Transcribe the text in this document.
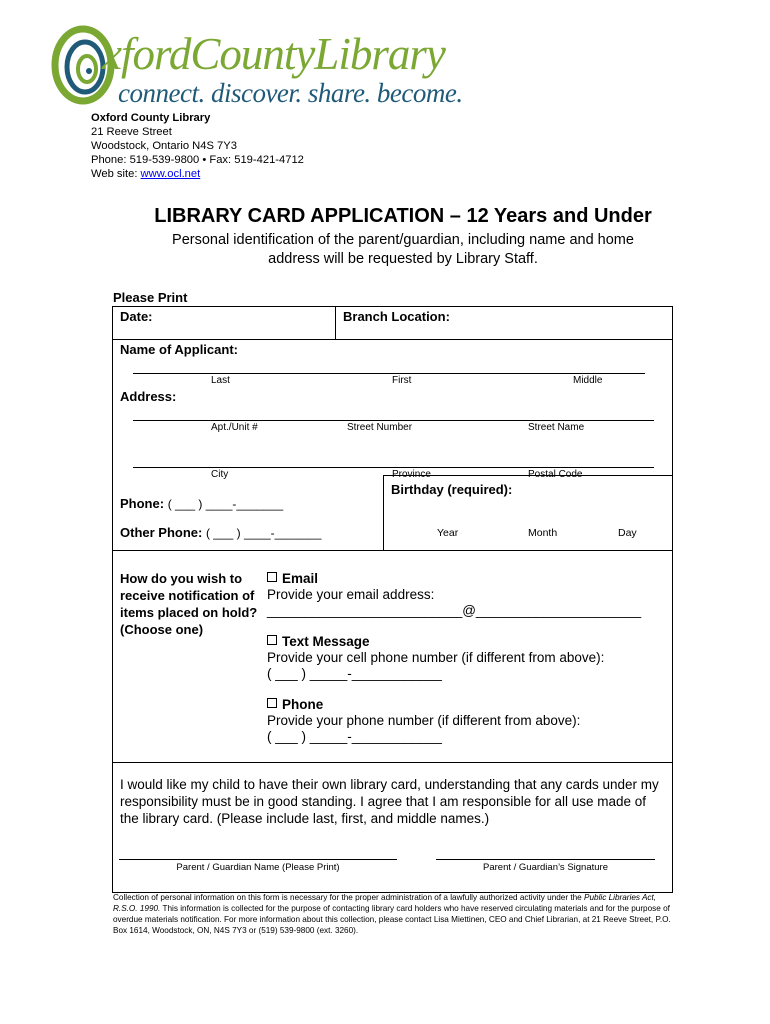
xfordCountyLibrary
connect. discover. share. become.
Oxford County Library
21 Reeve Street
Woodstock, Ontario N4S 7Y3
Phone: 519-539-9800 • Fax: 519-421-4712
Web site: www.ocl.net
LIBRARY CARD APPLICATION – 12 Years and Under
Personal identification of the parent/guardian, including name and home
address will be requested by Library Staff.
Please Print
Date:	Branch Location:
Name of Applicant:
Last	First	Middle
Address:
Apt./Unit #	Street Number	Street Name
City	Province	Postal Code
Phone: ( ___ ) ____-_______
Other Phone: ( ___ ) ____-_______
Birthday (required):
Year	Month	Day
How do you wish to receive notification of items placed on hold? (Choose one)
Email
Provide your email address:
__________________________@______________________
Text Message
Provide your cell phone number (if different from above):
( ___ ) _____-____________
Phone
Provide your phone number (if different from above):
( ___ ) _____-____________
I would like my child to have their own library card, understanding that any cards under my responsibility must be in good standing. I agree that I am responsible for all use made of the library card. (Please include last, first, and middle names.)
Parent / Guardian Name (Please Print)	Parent / Guardian’s Signature
Collection of personal information on this form is necessary for the proper administration of a lawfully authorized activity under the Public Libraries Act, R.S.O. 1990. This information is collected for the purpose of contacting library card holders who have reserved circulating materials and for the purpose of overdue materials notification. For more information about this collection, please contact Lisa Miettinen, CEO and Chief Librarian, at 21 Reeve Street, P.O. Box 1614, Woodstock, ON, N4S 7Y3 or (519) 539-9800 (ext. 3260).
